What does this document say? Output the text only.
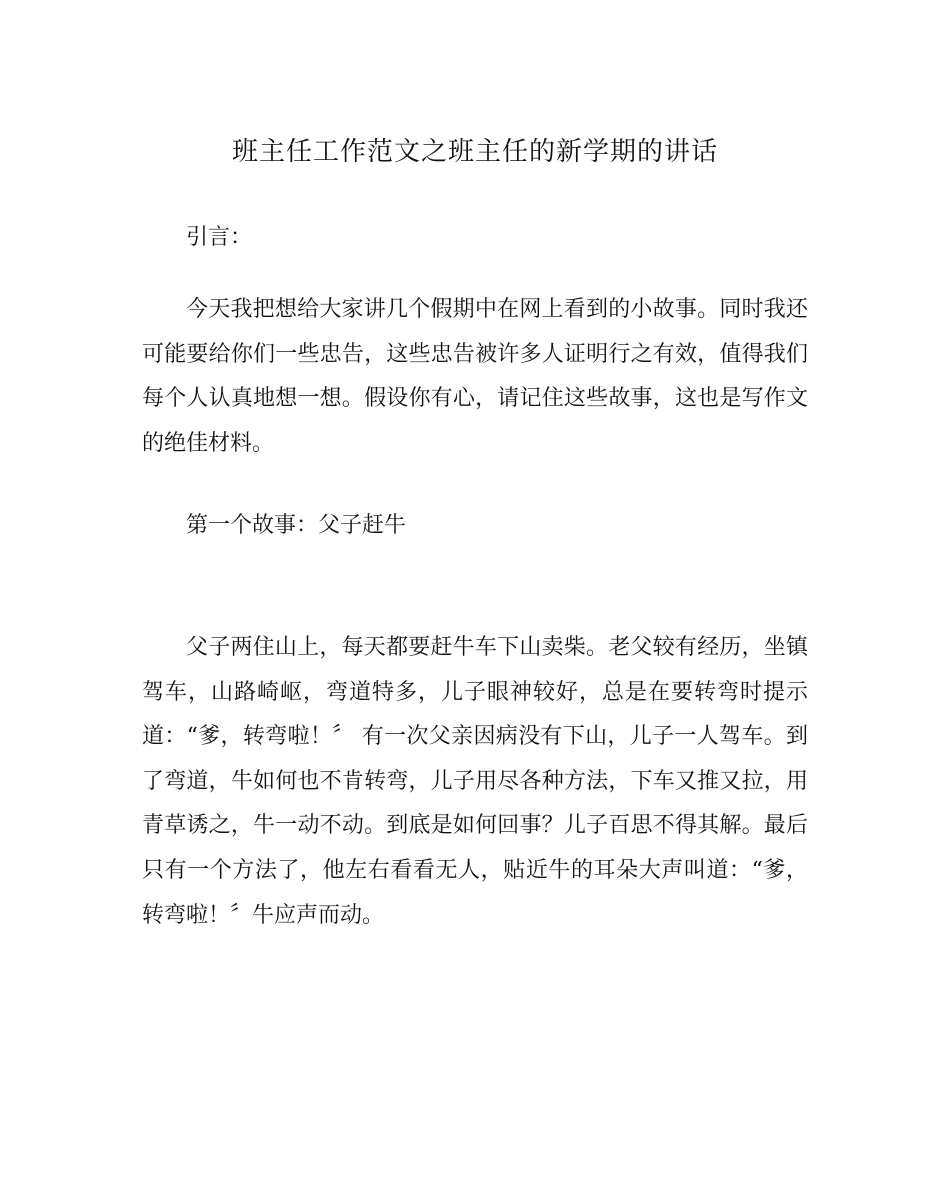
班主任工作范文之班主任的新学期的讲话

引言：

今天我把想给大家讲几个假期中在网上看到的小故事。同时我还可能要给你们一些忠告，这些忠告被许多人证明行之有效，值得我们每个人认真地想一想。假设你有心，请记住这些故事，这也是写作文的绝佳材料。

第一个故事：父子赶牛

父子两住山上，每天都要赶牛车下山卖柴。老父较有经历，坐镇驾车，山路崎岖，弯道特多，儿子眼神较好，总是在要转弯时提示道：“爹，转弯啦！〞 有一次父亲因病没有下山，儿子一人驾车。到了弯道，牛如何也不肯转弯，儿子用尽各种方法，下车又推又拉，用青草诱之，牛一动不动。到底是如何回事？儿子百思不得其解。最后只有一个方法了，他左右看看无人，贴近牛的耳朵大声叫道：“爹，转弯啦！〞牛应声而动。
